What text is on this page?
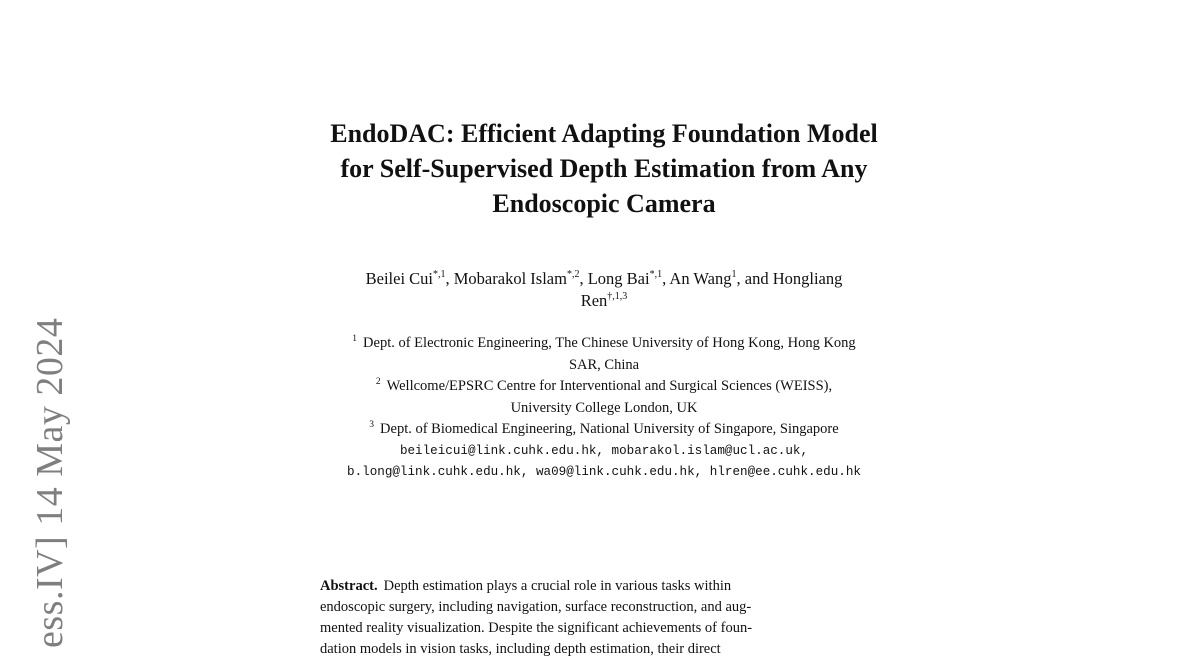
ess.IV] 14 May 2024
EndoDAC: Efficient Adapting Foundation Model
for Self-Supervised Depth Estimation from Any
Endoscopic Camera
Beilei Cui$^{*,1}$, Mobarakol Islam$^{*,2}$, Long Bai$^{*,1}$, An Wang$^1$, and Hongliang
Ren$^{\dagger,1,3}$
$^1$ Dept. of Electronic Engineering, The Chinese University of Hong Kong, Hong Kong
SAR, China
$^2$ Wellcome/EPSRC Centre for Interventional and Surgical Sciences (WEISS),
University College London, UK
$^3$ Dept. of Biomedical Engineering, National University of Singapore, Singapore
beileicui@link.cuhk.edu.hk, mobarakol.islam@ucl.ac.uk,
b.long@link.cuhk.edu.hk, wa09@link.cuhk.edu.hk, hlren@ee.cuhk.edu.hk
Abstract. Depth estimation plays a crucial role in various tasks within
endoscopic surgery, including navigation, surface reconstruction, and aug-
mented reality visualization. Despite the significant achievements of foun-
dation models in vision tasks, including depth estimation, their direct
